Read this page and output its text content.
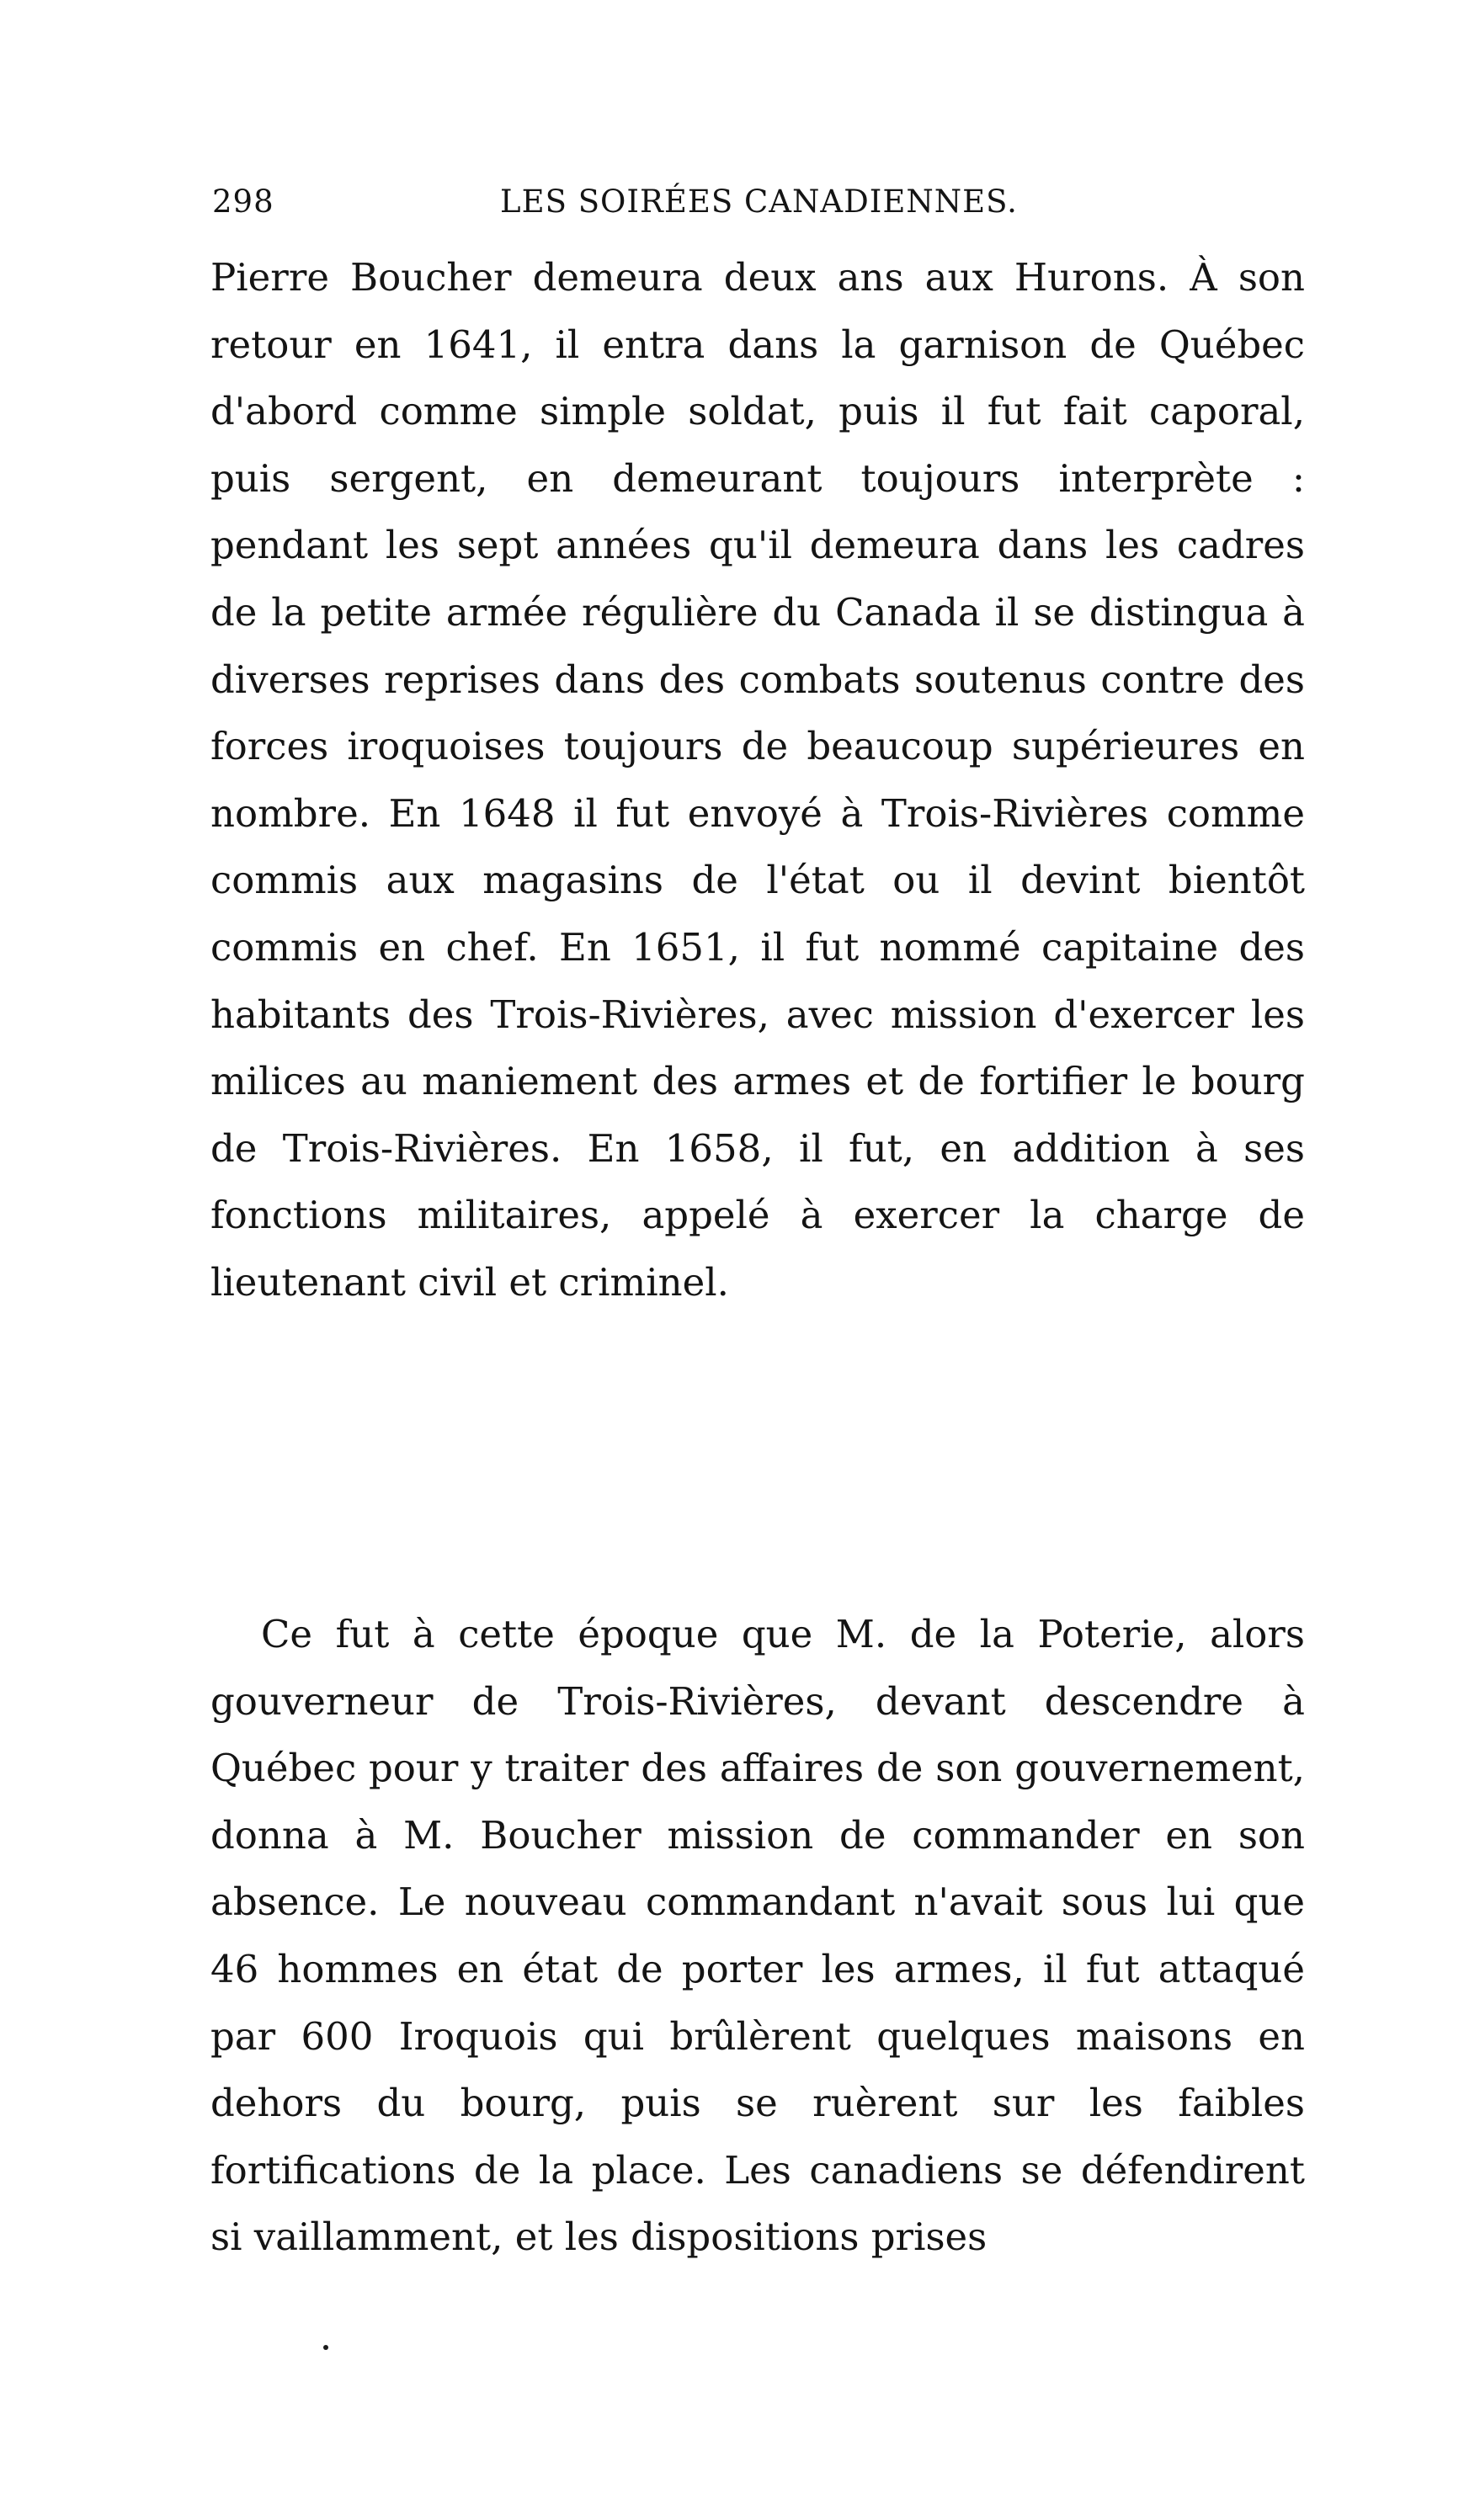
298	LES SOIRÉES CANADIENNES.

Pierre Boucher demeura deux ans aux Hurons. À son retour en 1641, il entra dans la garnison de Québec d'abord comme simple soldat, puis il fut fait caporal, puis sergent, en demeurant toujours interprète : pendant les sept années qu'il demeura dans les cadres de la petite armée régulière du Canada il se distingua à diverses reprises dans des combats soutenus contre des forces iroquoises toujours de beaucoup supérieures en nombre. En 1648 il fut envoyé à Trois-Rivières comme commis aux magasins de l'état ou il devint bientôt commis en chef. En 1651, il fut nommé capitaine des habitants des Trois-Rivières, avec mission d'exercer les milices au maniement des armes et de fortifier le bourg de Trois-Rivières. En 1658, il fut, en addition à ses fonctions militaires, appelé à exercer la charge de lieutenant civil et criminel.

Ce fut à cette époque que M. de la Poterie, alors gouverneur de Trois-Rivières, devant descendre à Québec pour y traiter des affaires de son gouvernement, donna à M. Boucher mission de commander en son absence. Le nouveau commandant n'avait sous lui que 46 hommes en état de porter les armes, il fut attaqué par 600 Iroquois qui brûlèrent quelques maisons en dehors du bourg, puis se ruèrent sur les faibles fortifications de la place. Les canadiens se défendirent si vaillamment, et les dispositions prises
